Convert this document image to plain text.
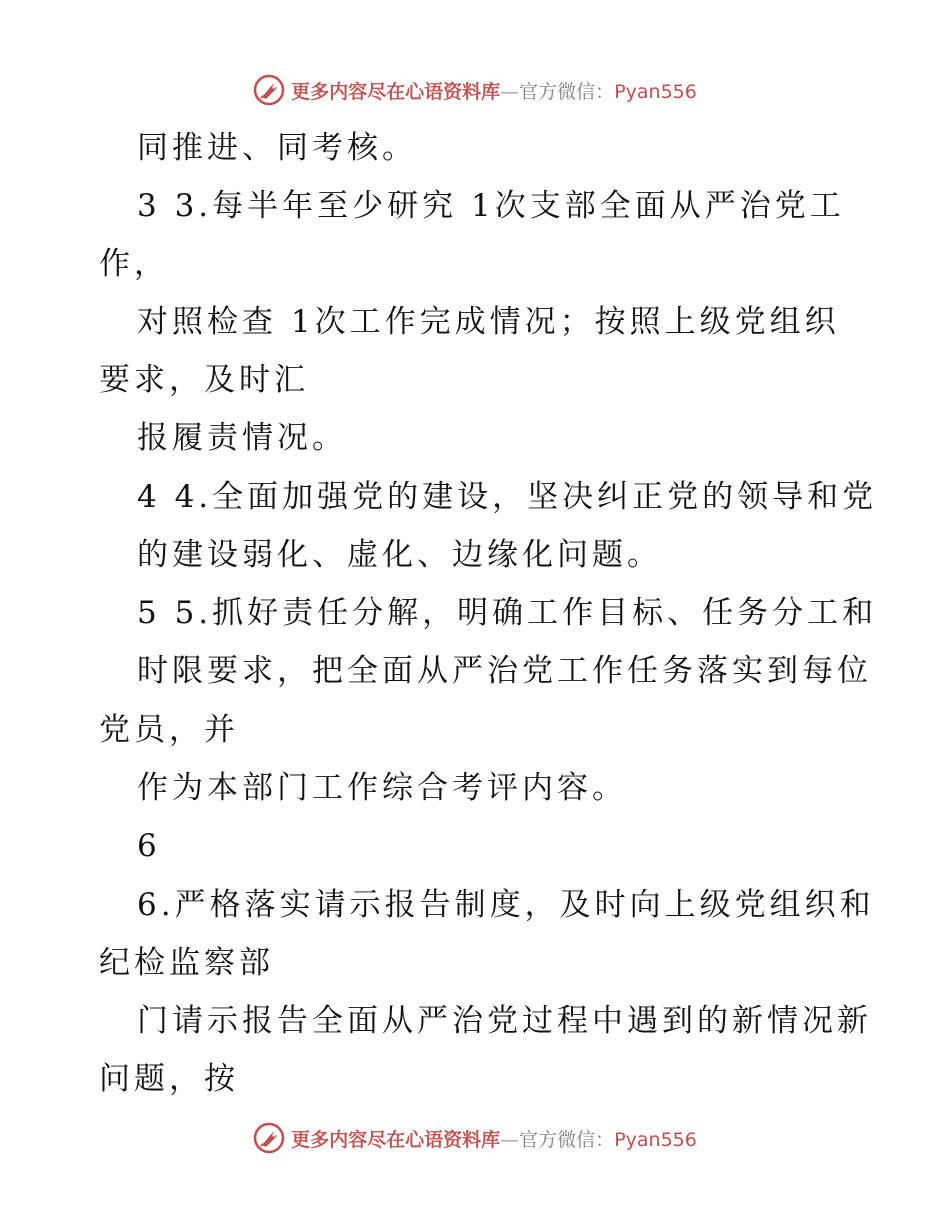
更多内容尽在心语资料库—官方微信：Pyan556
同推进、同考核。
3 3.每半年至少研究 1次支部全面从严治党工
作，
对照检查 1次工作完成情况；按照上级党组织
要求，及时汇
报履责情况。
4 4.全面加强党的建设，坚决纠正党的领导和党
的建设弱化、虚化、边缘化问题。
5 5.抓好责任分解，明确工作目标、任务分工和
时限要求，把全面从严治党工作任务落实到每位
党员，并
作为本部门工作综合考评内容。
6
6.严格落实请示报告制度，及时向上级党组织和
纪检监察部
门请示报告全面从严治党过程中遇到的新情况新
问题，按
更多内容尽在心语资料库—官方微信：Pyan556
